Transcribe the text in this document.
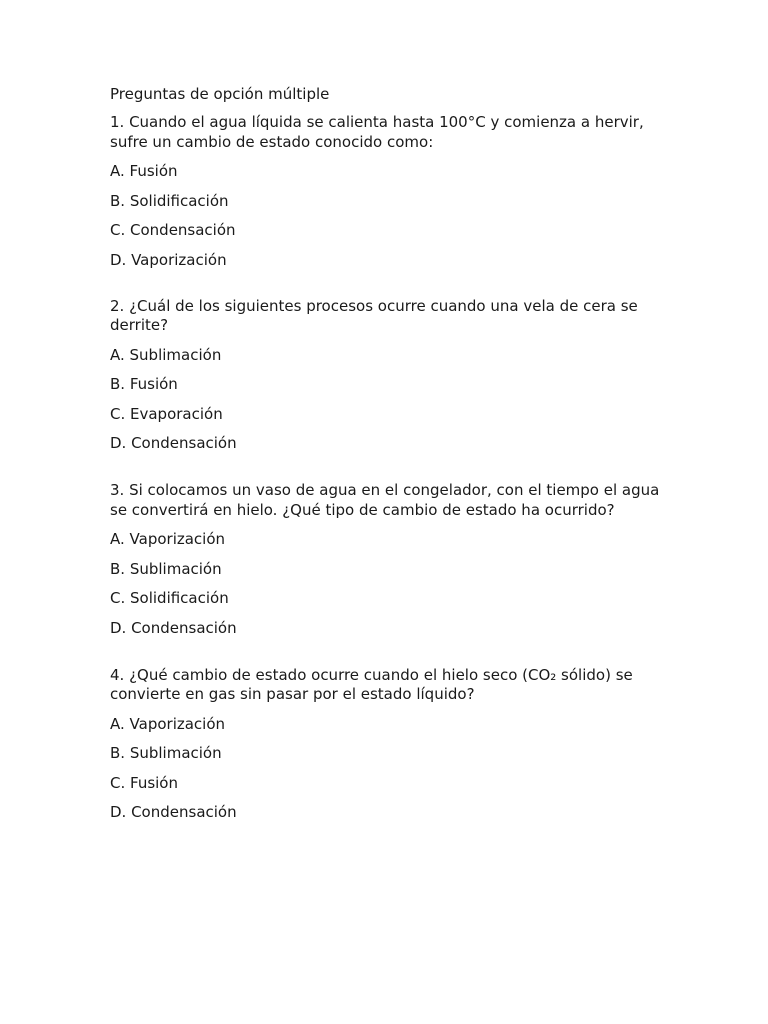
Preguntas de opción múltiple
1. Cuando el agua líquida se calienta hasta 100°C y comienza a hervir, sufre un cambio de estado conocido como:
A. Fusión
B. Solidificación
C. Condensación
D. Vaporización
2. ¿Cuál de los siguientes procesos ocurre cuando una vela de cera se derrite?
A. Sublimación
B. Fusión
C. Evaporación
D. Condensación
3. Si colocamos un vaso de agua en el congelador, con el tiempo el agua se convertirá en hielo. ¿Qué tipo de cambio de estado ha ocurrido?
A. Vaporización
B. Sublimación
C. Solidificación
D. Condensación
4. ¿Qué cambio de estado ocurre cuando el hielo seco (CO₂ sólido) se convierte en gas sin pasar por el estado líquido?
A. Vaporización
B. Sublimación
C. Fusión
D. Condensación
